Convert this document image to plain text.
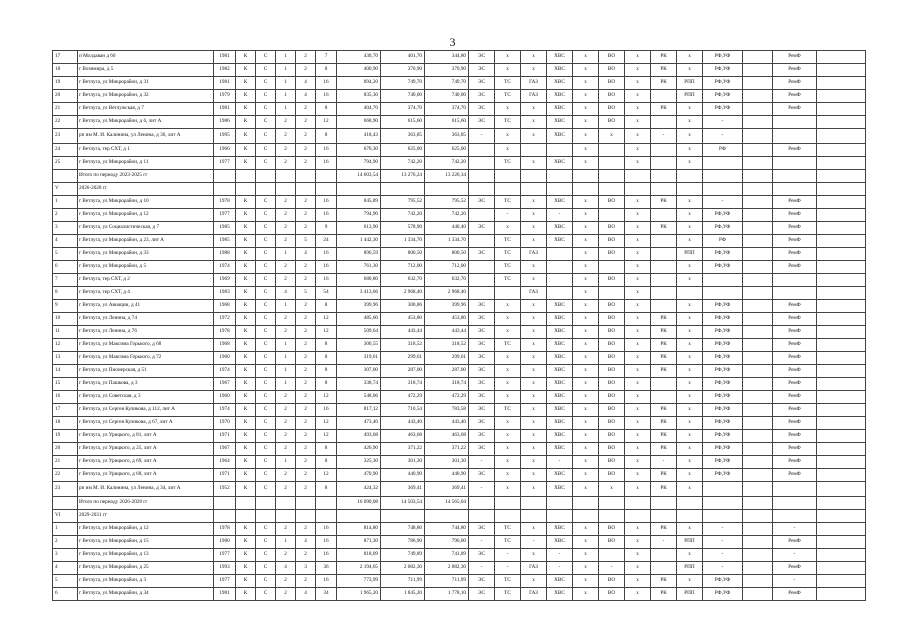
3
17	п Молдаван д 60	1981	К	С	1	2	7	430,70	401,70	344,80	ЭС	х	х	ХВС	х	ВО	х	РК	х	РФ,УФ		РемФ	
18	г Вознмира, д 5	1982	К	С	1	2	8	400,90	370,90	370,90	ЭС	х	х	ХВС	х	ВО	х	РК	х	РФ,УФ		РемФ	
19	г Ветлуга, ул Микрорайон, д 31	1981	К	С	1	4	16	894,20	749,70	749,70	ЭС	ТС	ГАЗ	ХВС	х	ВО	х	РК	РПП	РФ,УФ		РемФ	
20	г Ветлуга, ул Микрорайон, д 32	1979	К	С	1	4	16	835,30	740,00	740,00	ЭС	ТС	ГАЗ	ХВС	х	ВО	х		РПП	РФ,УФ		РемФ	
21	г Ветлуга, ул Ветлужская, д 7	1981	К	С	1	2	8	404,70	374,70	374,70	ЭС	х	х	ХВС	х	ВО	х	РК	х	РФ,УФ		РемФ	
22	г Ветлуга, ул Микрорайон, д 6, лит А	1986	К	С	2	2	12	668,90	615,60	615,60	ЭС	ТС	х	ХВС	х	ВО	х		х	-			
23	рп им М. И. Калинина, ул Ленина, д 36, лит А	1995	К	С	2	2	8	418,43	363,85	363,85	-	х	х	ХВС	х	х	х	-	х	-			
24	г Ветлуга, тер СХТ, д 1	1966	К	С	2	2	16	670,30	625,00	625,00		х			х		х		х	РФ		РемФ	
25	г Ветлуга, ул Микрорайон, д 11	1977	К	С	2	2	16	794,90	742,20	742,20		ТС	х	ХВС	х		х		х				
	Итого по периоду 2023-2025 гг							14 603,54	13 276,24	13 220,34													
V	2026-2028 гг																						
1	г Ветлуга, ул Микрорайон, д 10	1978	К	С	2	2	16	845,89	795,52	795,52	ЭС	ТС	х	ХВС	х	ВО	х	РК	х	-		РемФ	
2	г Ветлуга, ул Микрорайон, д 12	1977	К	С	2	2	16	794,90	742,20	742,20		-	х	-	х		х		х	РФ,УФ		РемФ	
3	г Ветлуга, ул Социалистическая, д 7	1985	К	С	2	2	9	613,90	578,90	440,40	ЭС	х	х	ХВС	х	ВО	х	РК	х	РФ,УФ		РемФ	
4	г Ветлуга, ул Микрорайон, д 23, лит А	1985	К	С	2	5	24	1 442,30	1 334,70	1 334,70		ТС	х	ХВС	х	ВО	х		х	РФ		РемФ	
5	г Ветлуга, ул Микрорайон, д 33	1988	К	С	1	4	16	896,59	800,50	800,50	ЭС	ТС	ГАЗ		х	ВО	х		РПП	РФ,УФ		РемФ	
6	г Ветлуга, ул Микрорайон, д 5	1974	К	С	2	2	16	761,30	712,00	712,00		ТС	х		х		х		х	РФ,УФ		РемФ	
7	г Ветлуга, тер СХТ, д 2	1969	К	С	2	2	16	680,80	632,70	632,70		ТС	х		х	ВО	х		х				
8	г Ветлуга, тер СХТ, д 4	1983	К	С	4	5	54	3 413,66	2 968,40	2 968,40			ГАЗ		х		х						
9	г Ветлуга, ул Авиации, д 41	1968	К	С	1	2	8	399,96	300,86	399,96	ЭС	х	х	ХВС	х	ВО	х		х	РФ,УФ		РемФ	
10	г Ветлуга, ул Ленина, д 74	1972	К	С	2	2	12	485,60	453,80	453,80	ЭС	х	х	ХВС	х	ВО	х	РК	х	РФ,УФ		РемФ	
11	г Ветлуга, ул Ленина, д 76	1978	К	С	2	2	12	509,64	443,44	443,44	ЭС	х	х	ХВС	х	ВО	х	РК	х	РФ,УФ		РемФ	
12	г Ветлуга, ул Максима Горького, д 68	1968	К	С	1	2	8	300,55	318,52	318,52	ЭС	ТС	х	ХВС	х	ВО	х	РК	х	РФ,УФ		РемФ	
13	г Ветлуга, ул Максима Горького, д 72	1960	К	С	1	2	8	319,61	299,61	299,61	ЭС	х	х	ХВС	х	ВО	х	РК	х	РФ,УФ		РемФ	
14	г Ветлуга, ул Пионерская, д 51	1974	К	С	1	2	8	307,00	287,00	287,00	ЭС	х	х	ХВС	х	ВО	х	РК	х	РФ,УФ		РемФ	
15	г Ветлуга, ул Пашкова, д 3	1967	К	С	1	2	8	338,74	318,74	318,74	ЭС	х	х	ХВС	х	ВО	х		х	РФ,УФ		РемФ	
16	г Ветлуга, ул Советская, д 3	1960	К	С	2	2	12	548,06	472,29	472,29	ЭС	х	х	ХВС	х	ВО	х		х	РФ,УФ		РемФ	
17	г Ветлуга, ул Сергея Куликова, д 112, лит А	1974	К	С	2	2	16	817,12	710,54	783,58	ЭС	ТС	х	ХВС	х	ВО	х	РК	х	РФ,УФ		РемФ	
18	г Ветлуга, ул Сергея Куликова, д 67, лит А	1970	К	С	2	2	12	473,40	443,40	443,40	ЭС	х	х	ХВС	х	ВО	х	РК	х	РФ,УФ		РемФ	
19	г Ветлуга, ул Урицкого, д 81, лит А	1971	К	С	2	2	12	493,68	463,68	463,68	ЭС	х	х	ХВС	х	ВО	х	РК	х	РФ,УФ		РемФ	
20	г Ветлуга, ул Урицкого, д 25, лит А	1967	К	С	2	2	8	426,90	371,22	371,22	ЭС	х	х	ХВС	х	ВО	х	РК	х	РФ,УФ		РемФ	
21	г Ветлуга, ул Урицкого, д 69, лит А	1964	К	С	1	2	8	325,30	301,30	301,30	-	х	х	-	х	ВО	х	-	х	РФ,УФ		РемФ	
22	г Ветлуга, ул Урицкого, д 68, лит А	1971	К	С	2	2	12	470,90	440,90	440,90	ЭС	х	х	ХВС	х	ВО	х	РК	х	РФ,УФ		РемФ	
23	рп им М. И. Калинина, ул Ленина, д 34, лит А	1952	К	С	2	2	8	424,32	369,41	369,41	-	х	х	ХВС	х	х	х	РК	х				
	Итого по периоду 2026-2028 гг							16 090,08	14 503,54	14 565,04													
VI	2029-2031 гг																						
1	г Ветлуга, ул Микрорайон, д 12	1978	К	С	2	2	16	814,80	748,80	744,80	ЭС	ТС	х	ХВС	х	ВО	х	РК	х	-		-	
2	г Ветлуга, ул Микрорайон, д 15	1980	К	С	1	4	16	871,30	786,90	796,00	-	ТС	-	ХВС	х	ВО	х	-	РПП	-		РемФ	
3	г Ветлуга, ул Микрорайон, д 13	1977	К	С	2	2	16	818,09	749,89	741,89	ЭС	-	х	-	х		х		х	-		-	
4	г Ветлуга, ул Микрорайон, д 25	1993	К	С	4	3	36	2 194,65	2 082,30	2 082,30	-	-	ГАЗ	-	х	-	х		РПП	-		РемФ	
5	г Ветлуга, ул Микрорайон, д 3	1977	К	С	2	2	16	773,99	711,99	711,99	ЭС	ТС	х	ХВС	х	ВО	х	РК	х	РФ,УФ		-	
6	г Ветлуга, ул Микрорайон, д 34	1981	К	С	2	4	34	1 965,20	1 845,20	1 778,10	ЭС	ТС	ГАЗ	ХВС	х	ВО	х	РК	РПП	РФ,УФ		РемФ	
